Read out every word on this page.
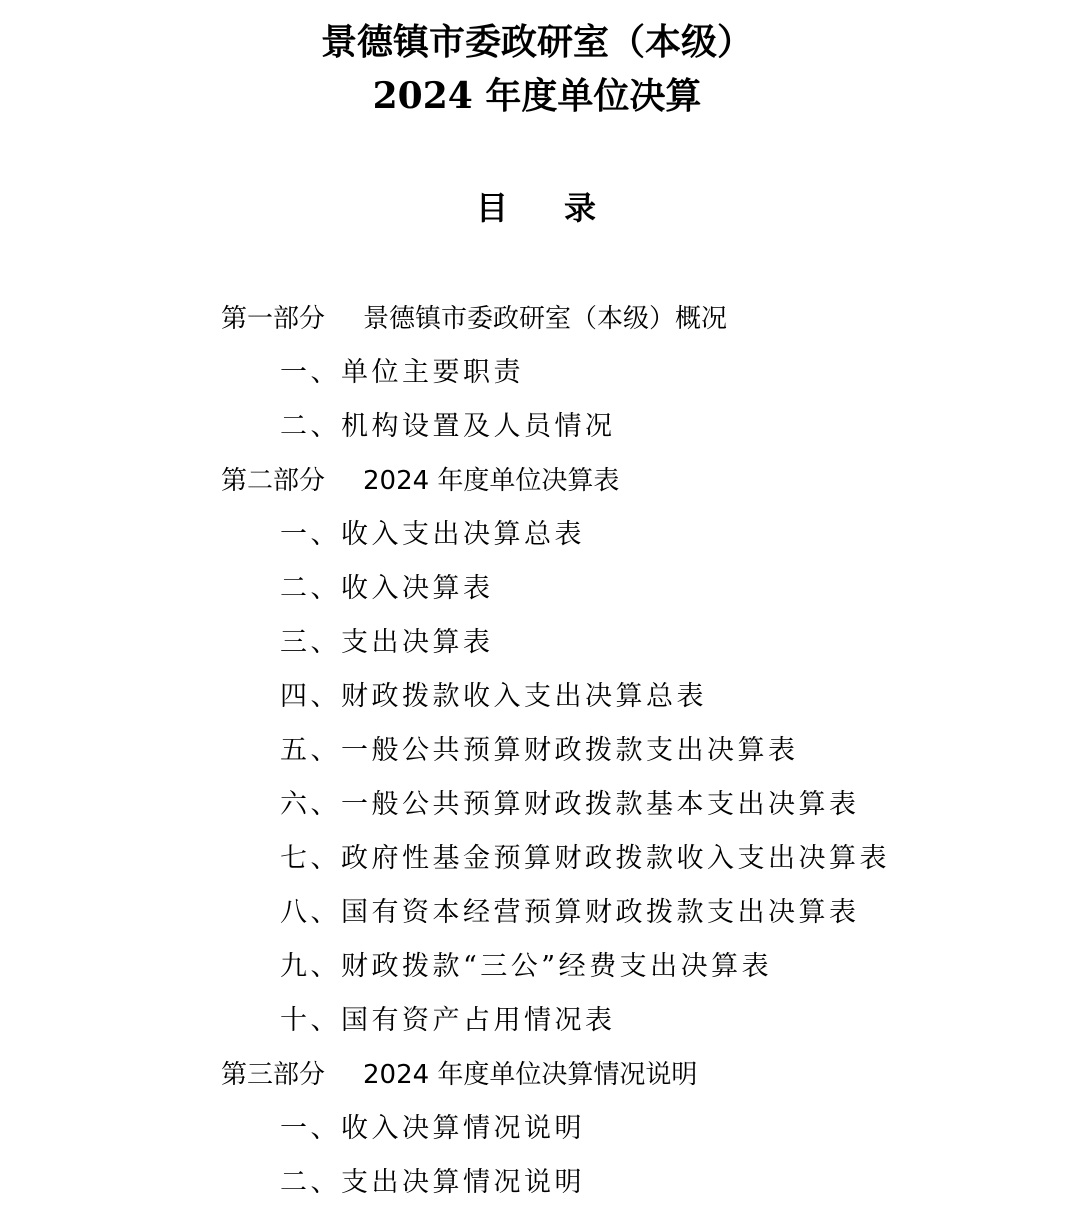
景德镇市委政研室（本级）
2024 年度单位决算
目 录
第一部分 景德镇市委政研室（本级）概况
一、单位主要职责
二、机构设置及人员情况
第二部分 2024 年度单位决算表
一、收入支出决算总表
二、收入决算表
三、支出决算表
四、财政拨款收入支出决算总表
五、一般公共预算财政拨款支出决算表
六、一般公共预算财政拨款基本支出决算表
七、政府性基金预算财政拨款收入支出决算表
八、国有资本经营预算财政拨款支出决算表
九、财政拨款“三公”经费支出决算表
十、国有资产占用情况表
第三部分 2024 年度单位决算情况说明
一、收入决算情况说明
二、支出决算情况说明
